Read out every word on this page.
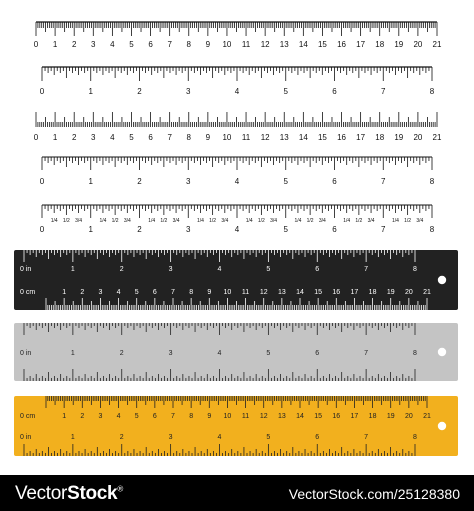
0 1 2 3 4 5 6 7 8 9 10 11 12 13 14 15 16 17 18 19 20 21
0	1	2	3	4	5	6	7	8
0 1 2 3 4 5 6 7 8 9 10 11 12 13 14 15 16 17 18 19 20 21
0	1	2	3	4	5	6	7	8
1/4 1/2 3/4	1/4 1/2 3/4	1/4 1/2 3/4	1/4 1/2 3/4	1/4 1/2 3/4	1/4 1/2 3/4	1/4 1/2 3/4	1/4 1/2 3/4
0	1	2	3	4	5	6	7	8
0 in	1	2	3	4	5	6	7	8
0 cm	1 2 3 4 5 6 7 8 9 10 11 12 13 14 15 16 17 18 19 20 21
0 in	1	2	3	4	5	6	7	8
0 cm	1 2 3 4 5 6 7 8 9 10 11 12 13 14 15 16 17 18 19 20 21
0 in	1	2	3	4	5	6	7	8
VectorStock®	VectorStock.com/25128380
